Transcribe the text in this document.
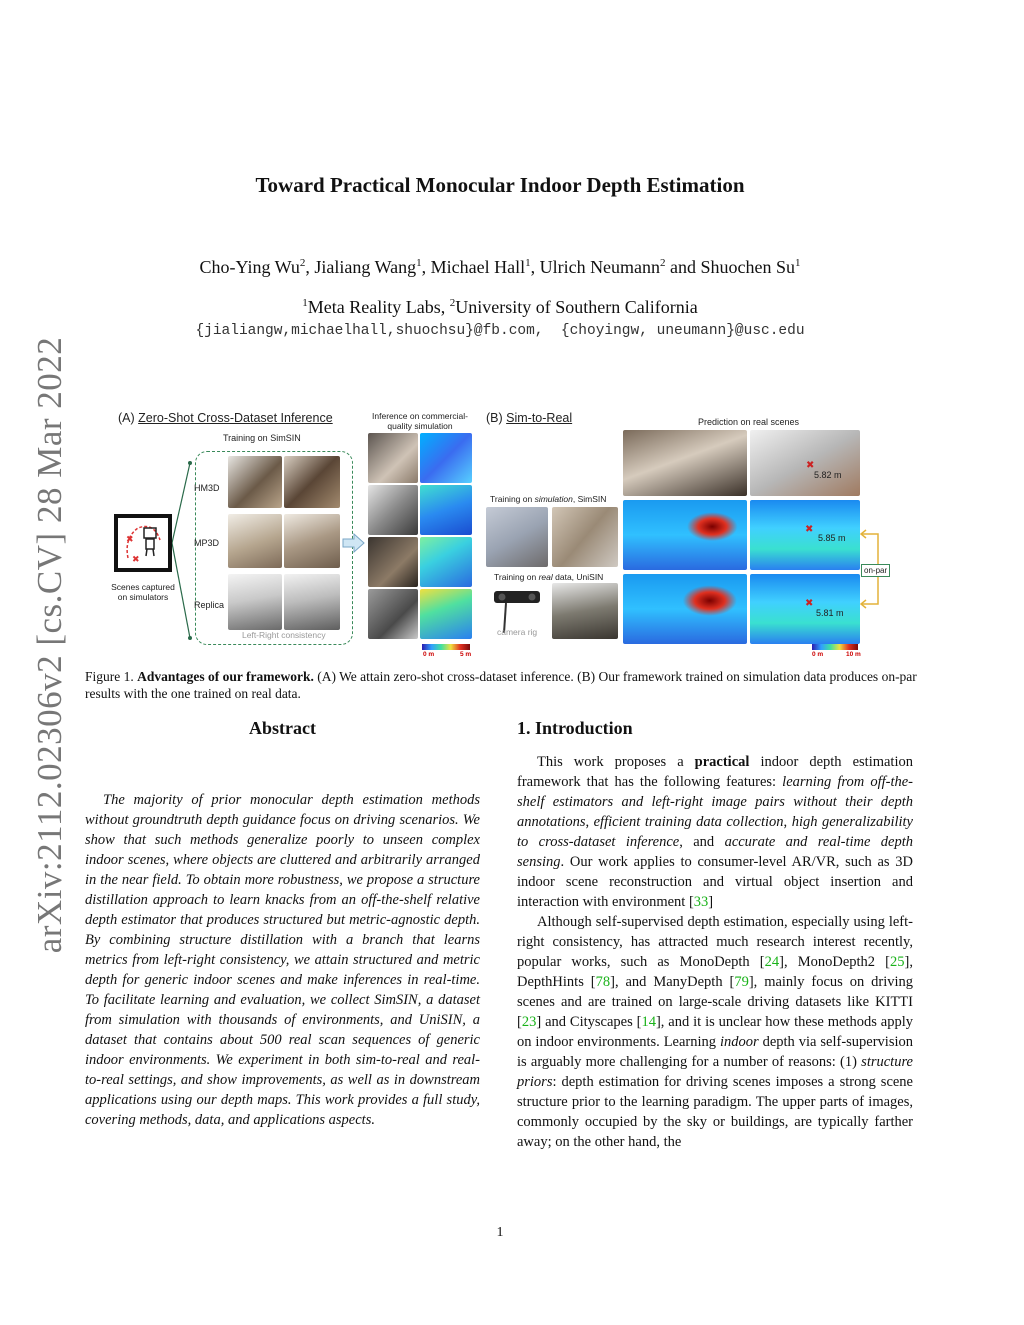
arXiv:2112.02306v2 [cs.CV] 28 Mar 2022
Toward Practical Monocular Indoor Depth Estimation
Cho-Ying Wu$^2$, Jialiang Wang$^1$, Michael Hall$^1$, Ulrich Neumann$^2$ and Shuochen Su$^1$
$^1$Meta Reality Labs, $^2$University of Southern California
{jialiangw,michaelhall,shuochsu}@fb.com,  {choyingw, uneumann}@usc.edu
(A) Zero-Shot Cross-Dataset Inference
Training on SimSIN
✖
✖
Scenes captured
on simulators
HM3D
MP3D
Replica
Left-Right consistency
Inference on commercial-
quality simulation
0 m	5 m
(B) Sim-to-Real
Training on simulation, SimSIN
Training on real data, UniSIN
camera rig
Prediction on real scenes
✖
5.82 m
✖
5.85 m
✖
5.81 m
on-par
0 m	10 m
Figure 1. Advantages of our framework. (A) We attain zero-shot cross-dataset inference. (B) Our framework trained on simulation data produces on-par results with the one trained on real data.
Abstract
The majority of prior monocular depth estimation methods without groundtruth depth guidance focus on driving scenarios. We show that such methods generalize poorly to unseen complex indoor scenes, where objects are cluttered and arbitrarily arranged in the near field. To obtain more robustness, we propose a structure distillation approach to learn knacks from an off-the-shelf relative depth estimator that produces structured but metric-agnostic depth. By combining structure distillation with a branch that learns metrics from left-right consistency, we attain structured and metric depth for generic indoor scenes and make inferences in real-time. To facilitate learning and evaluation, we collect SimSIN, a dataset from simulation with thousands of environments, and UniSIN, a dataset that contains about 500 real scan sequences of generic indoor environments. We experiment in both sim-to-real and real-to-real settings, and show improvements, as well as in downstream applications using our depth maps. This work provides a full study, covering methods, data, and applications aspects.
1. Introduction

This work proposes a practical indoor depth estimation framework that has the following features: learning from off-the-shelf estimators and left-right image pairs without their depth annotations, efficient training data collection, high generalizability to cross-dataset inference, and accurate and real-time depth sensing. Our work applies to consumer-level AR/VR, such as 3D indoor scene reconstruction and virtual object insertion and interaction with environment [33]

Although self-supervised depth estimation, especially using left-right consistency, has attracted much research interest recently, popular works, such as MonoDepth [24], MonoDepth2 [25], DepthHints [78], and ManyDepth [79], mainly focus on driving scenes and are trained on large-scale driving datasets like KITTI [23] and Cityscapes [14], and it is unclear how these methods apply on indoor environments. Learning indoor depth via self-supervision is arguably more challenging for a number of reasons: (1) structure priors: depth estimation for driving scenes imposes a strong scene structure prior to the learning paradigm. The upper parts of images, commonly occupied by the sky or buildings, are typically farther away; on the other hand, the

1
